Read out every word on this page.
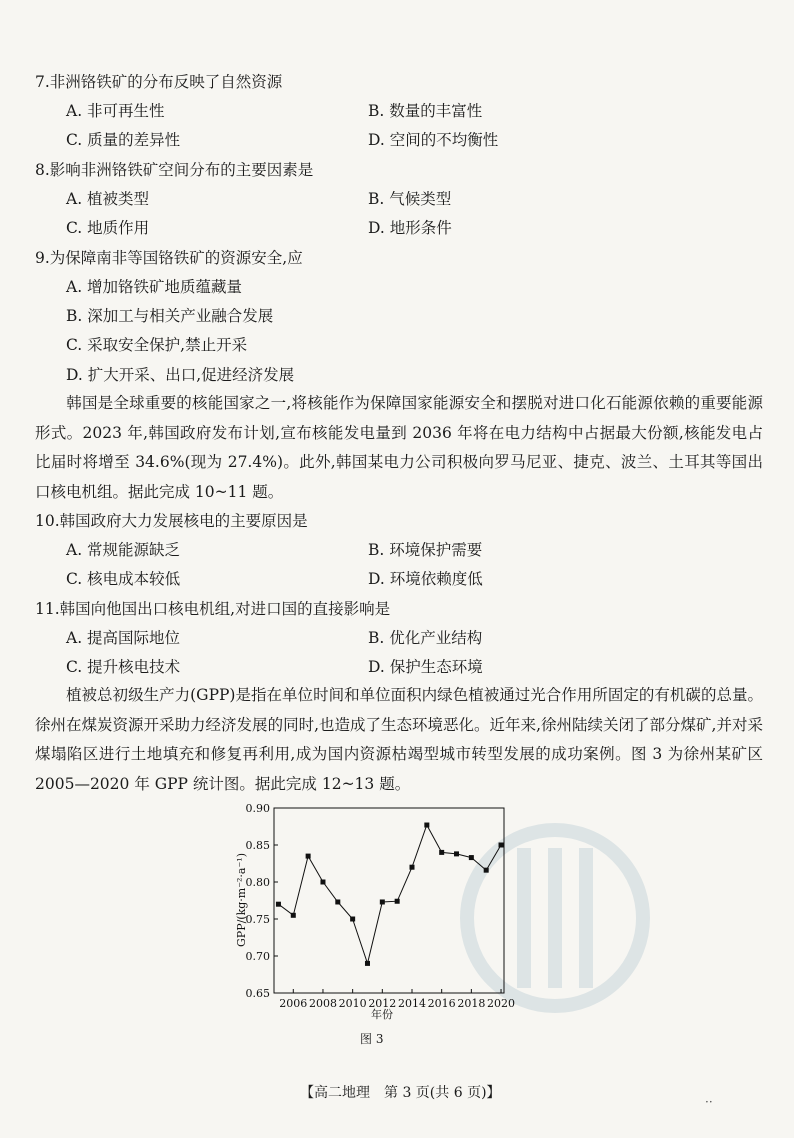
7.非洲铬铁矿的分布反映了自然资源
A. 非可再生性	B. 数量的丰富性
C. 质量的差异性	D. 空间的不均衡性
8.影响非洲铬铁矿空间分布的主要因素是
A. 植被类型	B. 气候类型
C. 地质作用	D. 地形条件
9.为保障南非等国铬铁矿的资源安全,应
A. 增加铬铁矿地质蕴藏量
B. 深加工与相关产业融合发展
C. 采取安全保护,禁止开采
D. 扩大开采、出口,促进经济发展
韩国是全球重要的核能国家之一,将核能作为保障国家能源安全和摆脱对进口化石能源依赖的重要能源形式。2023 年,韩国政府发布计划,宣布核能发电量到 2036 年将在电力结构中占据最大份额,核能发电占比届时将增至 34.6%(现为 27.4%)。此外,韩国某电力公司积极向罗马尼亚、捷克、波兰、土耳其等国出口核电机组。据此完成 10~11 题。
10.韩国政府大力发展核电的主要原因是
A. 常规能源缺乏	B. 环境保护需要
C. 核电成本较低	D. 环境依赖度低
11.韩国向他国出口核电机组,对进口国的直接影响是
A. 提高国际地位	B. 优化产业结构
C. 提升核电技术	D. 保护生态环境
植被总初级生产力(GPP)是指在单位时间和单位面积内绿色植被通过光合作用所固定的有机碳的总量。徐州在煤炭资源开采助力经济发展的同时,也造成了生态环境恶化。近年来,徐州陆续关闭了部分煤矿,并对采煤塌陷区进行土地填充和修复再利用,成为国内资源枯竭型城市转型发展的成功案例。图 3 为徐州某矿区 2005—2020 年 GPP 统计图。据此完成 12~13 题。
0.65
0.70
0.75
0.80
0.85
0.90
2006 2008 2010 2012 2014 2016 2018 2020
GPP/(kg·m⁻²·a⁻¹)
年份
图 3
【高二地理　第 3 页(共 6 页)】
··
